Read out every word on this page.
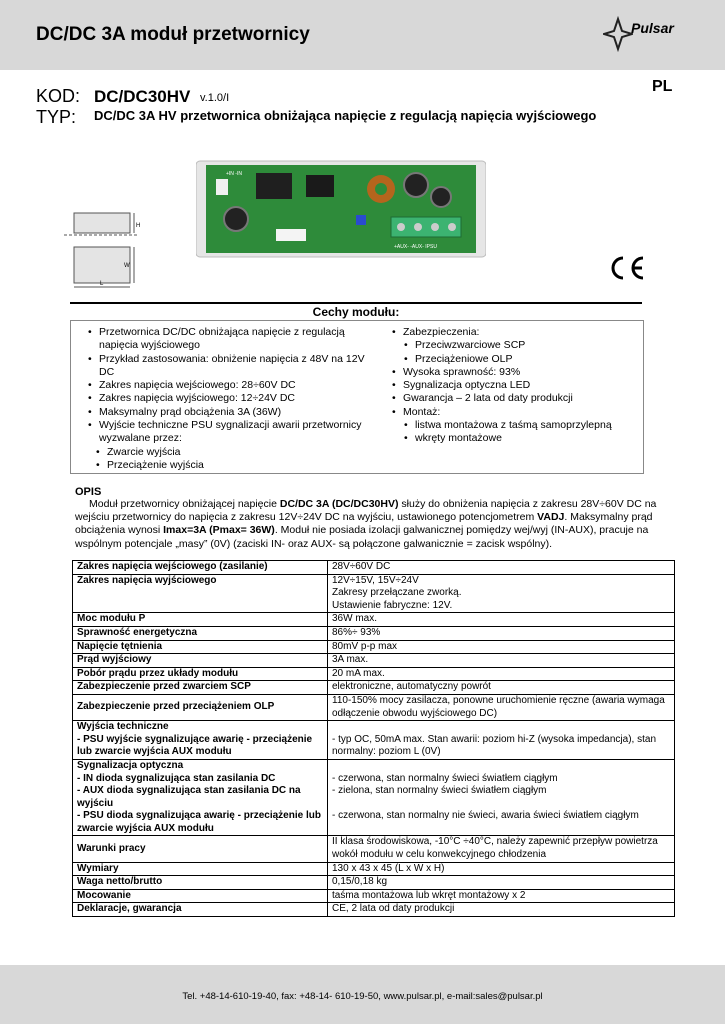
DC/DC 3A moduł przetwornicy	Pulsar
PL
KOD: DC/DC30HV v.1.0/I
TYP: DC/DC 3A HV przetwornica obniżająca napięcie z regulacją napięcia wyjściowego
+IN -IN
+AUX- -AUX- IPSU
H
W
L
Cechy modułu:
• Przetwornica DC/DC obniżająca napięcie z regulacją napięcia wyjściowego
• Przykład zastosowania: obniżenie napięcia z 48V na 12V DC
• Zakres napięcia wejściowego: 28÷60V DC
• Zakres napięcia wyjściowego: 12÷24V DC
• Maksymalny prąd obciążenia 3A (36W)
• Wyjście techniczne PSU sygnalizacji awarii przetwornicy wyzwalane przez:
• Zwarcie wyjścia
• Przeciążenie wyjścia
• Zabezpieczenia:
• Przeciwzwarciowe SCP
• Przeciążeniowe OLP
• Wysoka sprawność: 93%
• Sygnalizacja optyczna LED
• Gwarancja – 2 lata od daty produkcji
• Montaż:
• listwa montażowa z taśmą samoprzylepną
• wkręty montażowe
OPIS
Moduł przetwornicy obniżającej napięcie DC/DC 3A (DC/DC30HV) służy do obniżenia napięcia z zakresu 28V÷60V DC na wejściu przetwornicy do napięcia z zakresu 12V÷24V DC na wyjściu, ustawionego potencjometrem VADJ. Maksymalny prąd obciążenia wynosi Imax=3A (Pmax= 36W). Moduł nie posiada izolacji galwanicznej pomiędzy wej/wyj (IN-AUX), pracuje na wspólnym potencjale „masy” (0V) (zaciski IN- oraz AUX- są połączone galwanicznie = zacisk wspólny).
Zakres napięcia wejściowego (zasilanie)	28V÷60V DC
Zakres napięcia wyjściowego	12V÷15V, 15V÷24V
Zakresy przełączane zworką.
Ustawienie fabryczne: 12V.
Moc modułu P	36W max.
Sprawność energetyczna	86%÷ 93%
Napięcie tętnienia	80mV p-p max
Prąd wyjściowy	3A max.
Pobór prądu przez układy modułu	20 mA max.
Zabezpieczenie przed zwarciem SCP	elektroniczne, automatyczny powrót
Zabezpieczenie przed przeciążeniem OLP	110-150% mocy zasilacza, ponowne uruchomienie ręczne (awaria wymaga odłączenie obwodu wyjściowego DC)
Wyjścia techniczne
- PSU wyjście sygnalizujące awarię - przeciążenie lub zwarcie wyjścia AUX modułu	- typ OC, 50mA max. Stan awarii: poziom hi-Z (wysoka impedancja), stan normalny: poziom L (0V)
Sygnalizacja optyczna
- IN dioda sygnalizująca stan zasilania DC
- AUX dioda sygnalizująca stan zasilania DC na wyjściu
- PSU dioda sygnalizująca awarię - przeciążenie lub zwarcie wyjścia AUX modułu	- czerwona, stan normalny świeci światłem ciągłym
- zielona, stan normalny świeci światłem ciągłym

- czerwona, stan normalny nie świeci, awaria świeci światłem ciągłym
Warunki pracy	II klasa środowiskowa, -10°C ÷40°C, należy zapewnić przepływ powietrza wokół modułu w celu konwekcyjnego chłodzenia
Wymiary	130 x 43 x 45 (L x W x H)
Waga netto/brutto	0,15/0,18 kg
Mocowanie	taśma montażowa lub wkręt montażowy x 2
Deklaracje, gwarancja	CE, 2 lata od daty produkcji
Tel. +48-14-610-19-40, fax: +48-14- 610-19-50, www.pulsar.pl, e-mail:sales@pulsar.pl
